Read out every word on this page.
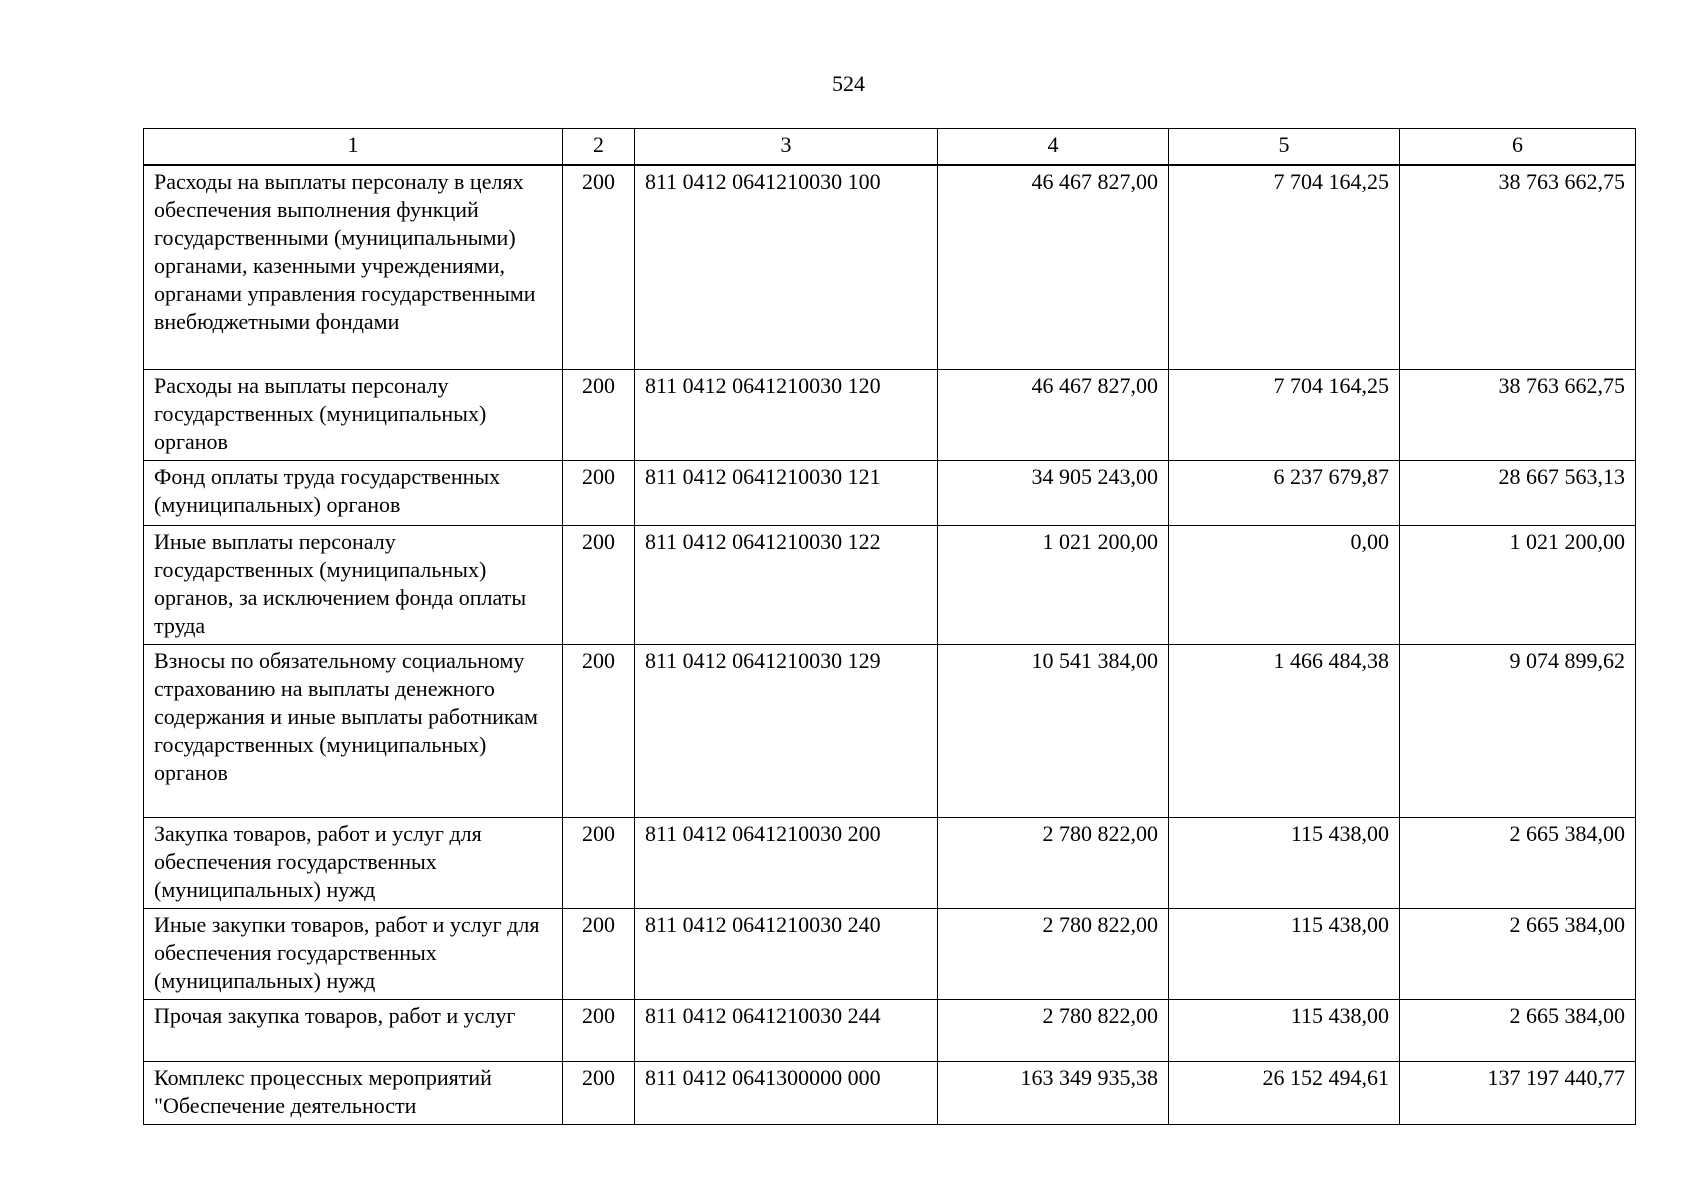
524
1	2	3	4	5	6
Расходы на выплаты персоналу в целях обеспечения выполнения функций государственными (муниципальными) органами, казенными учреждениями, органами управления государственными внебюджетными фондами	200	811 0412 0641210030 100	46 467 827,00	7 704 164,25	38 763 662,75
Расходы на выплаты персоналу государственных (муниципальных) органов	200	811 0412 0641210030 120	46 467 827,00	7 704 164,25	38 763 662,75
Фонд оплаты труда государственных (муниципальных) органов	200	811 0412 0641210030 121	34 905 243,00	6 237 679,87	28 667 563,13
Иные выплаты персоналу государственных (муниципальных) органов, за исключением фонда оплаты труда	200	811 0412 0641210030 122	1 021 200,00	0,00	1 021 200,00
Взносы по обязательному социальному страхованию на выплаты денежного содержания и иные выплаты работникам государственных (муниципальных) органов	200	811 0412 0641210030 129	10 541 384,00	1 466 484,38	9 074 899,62
Закупка товаров, работ и услуг для обеспечения государственных (муниципальных) нужд	200	811 0412 0641210030 200	2 780 822,00	115 438,00	2 665 384,00
Иные закупки товаров, работ и услуг для обеспечения государственных (муниципальных) нужд	200	811 0412 0641210030 240	2 780 822,00	115 438,00	2 665 384,00
Прочая закупка товаров, работ и услуг	200	811 0412 0641210030 244	2 780 822,00	115 438,00	2 665 384,00
Комплекс процессных мероприятий "Обеспечение деятельности	200	811 0412 0641300000 000	163 349 935,38	26 152 494,61	137 197 440,77
